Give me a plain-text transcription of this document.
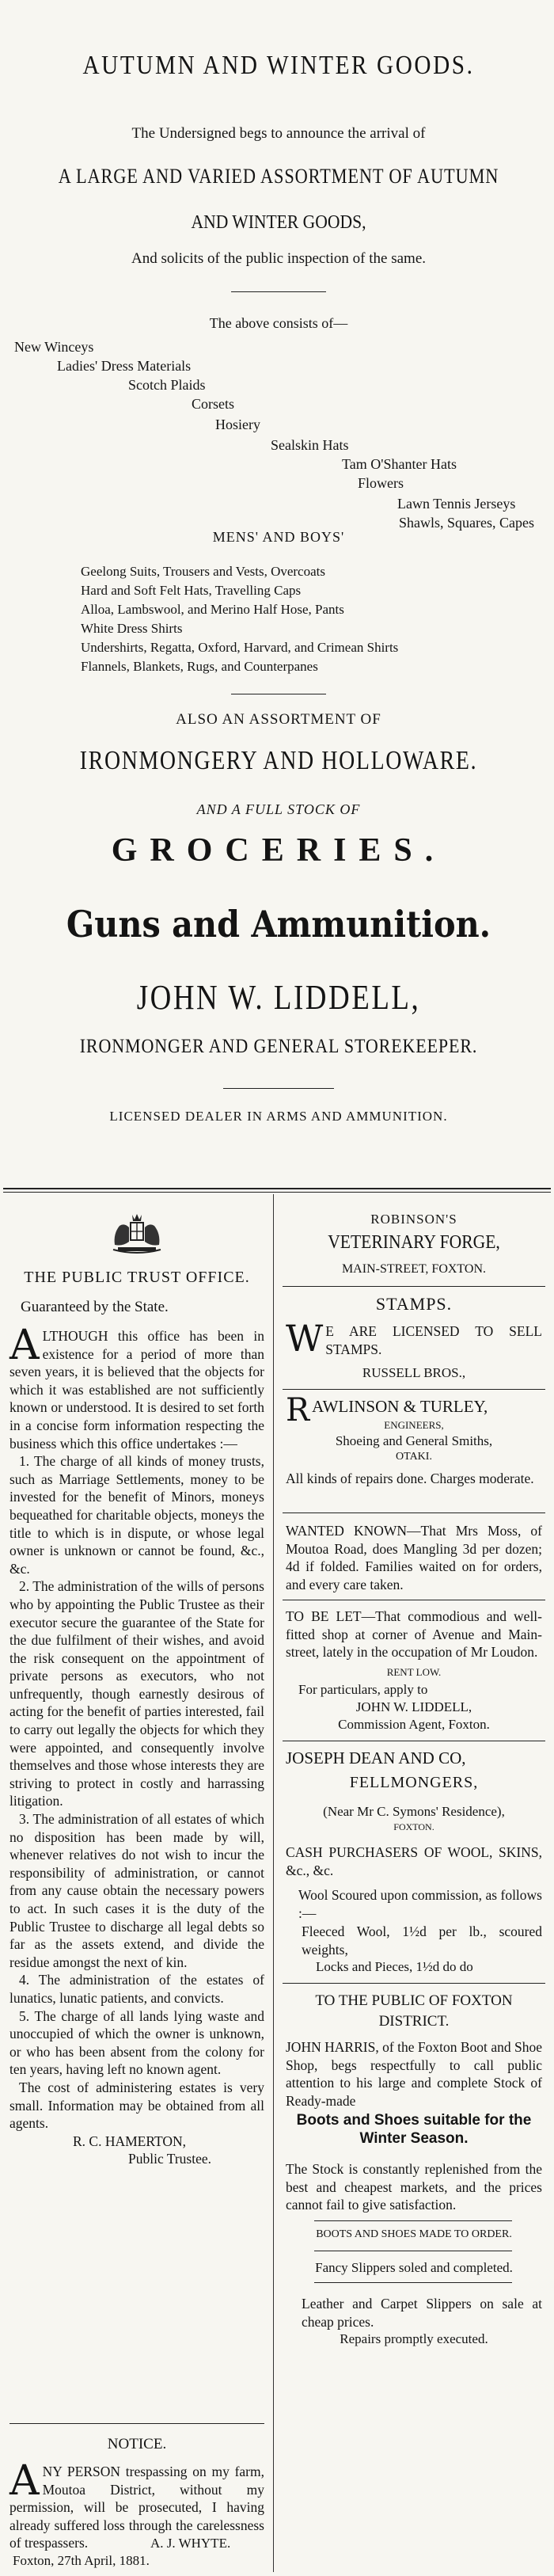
AUTUMN AND WINTER GOODS.
The Undersigned begs to announce the arrival of
A LARGE AND VARIED ASSORTMENT OF AUTUMN
AND WINTER GOODS,
And solicits of the public inspection of the same.
The above consists of—
New Winceys
Ladies' Dress Materials
Scotch Plaids
Corsets
Hosiery
Sealskin Hats
Tam O'Shanter Hats
Flowers
Lawn Tennis Jerseys
Shawls, Squares, Capes
MENS' AND BOYS'
Geelong Suits, Trousers and Vests, Overcoats
Hard and Soft Felt Hats, Travelling Caps
Alloa, Lambswool, and Merino Half Hose, Pants
White Dress Shirts
Undershirts, Regatta, Oxford, Harvard, and Crimean Shirts
Flannels, Blankets, Rugs, and Counterpanes
ALSO AN ASSORTMENT OF
IRONMONGERY AND HOLLOWARE.
AND A FULL STOCK OF
GROCERIES.
Guns and Ammunition.
JOHN W. LIDDELL,
IRONMONGER AND GENERAL STOREKEEPER.
LICENSED DEALER IN ARMS AND AMMUNITION.
THE PUBLIC TRUST OFFICE.
Guaranteed by the State.
ALTHOUGH this office has been in existence for a period of more than seven years, it is believed that the objects for which it was established are not sufficiently known or understood. It is desired to set forth in a concise form information respecting the business which this office undertakes :—
1. The charge of all kinds of money trusts, such as Marriage Settlements, money to be invested for the benefit of Minors, moneys bequeathed for charitable objects, moneys the title to which is in dispute, or whose legal owner is unknown or cannot be found, &c., &c.
2. The administration of the wills of persons who by appointing the Public Trustee as their executor secure the guarantee of the State for the due fulfilment of their wishes, and avoid the risk consequent on the appointment of private persons as executors, who not unfrequently, though earnestly desirous of acting for the benefit of parties interested, fail to carry out legally the objects for which they were appointed, and consequently involve themselves and those whose interests they are striving to protect in costly and harrassing litigation.
3. The administration of all estates of which no disposition has been made by will, whenever relatives do not wish to incur the responsibility of administration, or cannot from any cause obtain the necessary powers to act. In such cases it is the duty of the Public Trustee to discharge all legal debts so far as the assets extend, and divide the residue amongst the next of kin.
4. The administration of the estates of lunatics, lunatic patients, and convicts.
5. The charge of all lands lying waste and unoccupied of which the owner is unknown, or who has been absent from the colony for ten years, having left no known agent.
The cost of administering estates is very small. Information may be obtained from all agents.
R. C. HAMERTON,
Public Trustee.
NOTICE.
ANY PERSON trespassing on my farm, Moutoa District, without my permission, will be prosecuted, I having already suffered loss through the carelessness of trespassers.	A. J. WHYTE.
Foxton, 27th April, 1881.
ROBINSON'S
VETERINARY FORGE,
MAIN-STREET, FOXTON.
STAMPS.
W E ARE LICENSED TO SELL STAMPS.
RUSSELL BROS.,
RAWLINSON & TURLEY,
ENGINEERS,
Shoeing and General Smiths,
OTAKI.
All kinds of repairs done. Charges moderate.
WANTED KNOWN—That Mrs Moss, of Moutoa Road, does Mangling 3d per dozen; 4d if folded. Families waited on for orders, and every care taken.
TO BE LET—That commodious and well-fitted shop at corner of Avenue and Main-street, lately in the occupation of Mr Loudon.
RENT LOW.
For particulars, apply to
JOHN W. LIDDELL,
Commission Agent, Foxton.
JOSEPH DEAN AND CO,
FELLMONGERS,
(Near Mr C. Symons' Residence),
FOXTON.
CASH PURCHASERS OF WOOL, SKINS, &c., &c.
Wool Scoured upon commission, as follows :—
Fleeced Wool, 1½d per lb., scoured weights,
Locks and Pieces, 1½d do do
TO THE PUBLIC OF FOXTON DISTRICT.
JOHN HARRIS, of the Foxton Boot and Shoe Shop, begs respectfully to call public attention to his large and complete Stock of Ready-made
Boots and Shoes suitable for the Winter Season.
The Stock is constantly replenished from the best and cheapest markets, and the prices cannot fail to give satisfaction.
BOOTS AND SHOES MADE TO ORDER.
Fancy Slippers soled and completed.
Leather and Carpet Slippers on sale at cheap prices.
Repairs promptly executed.
